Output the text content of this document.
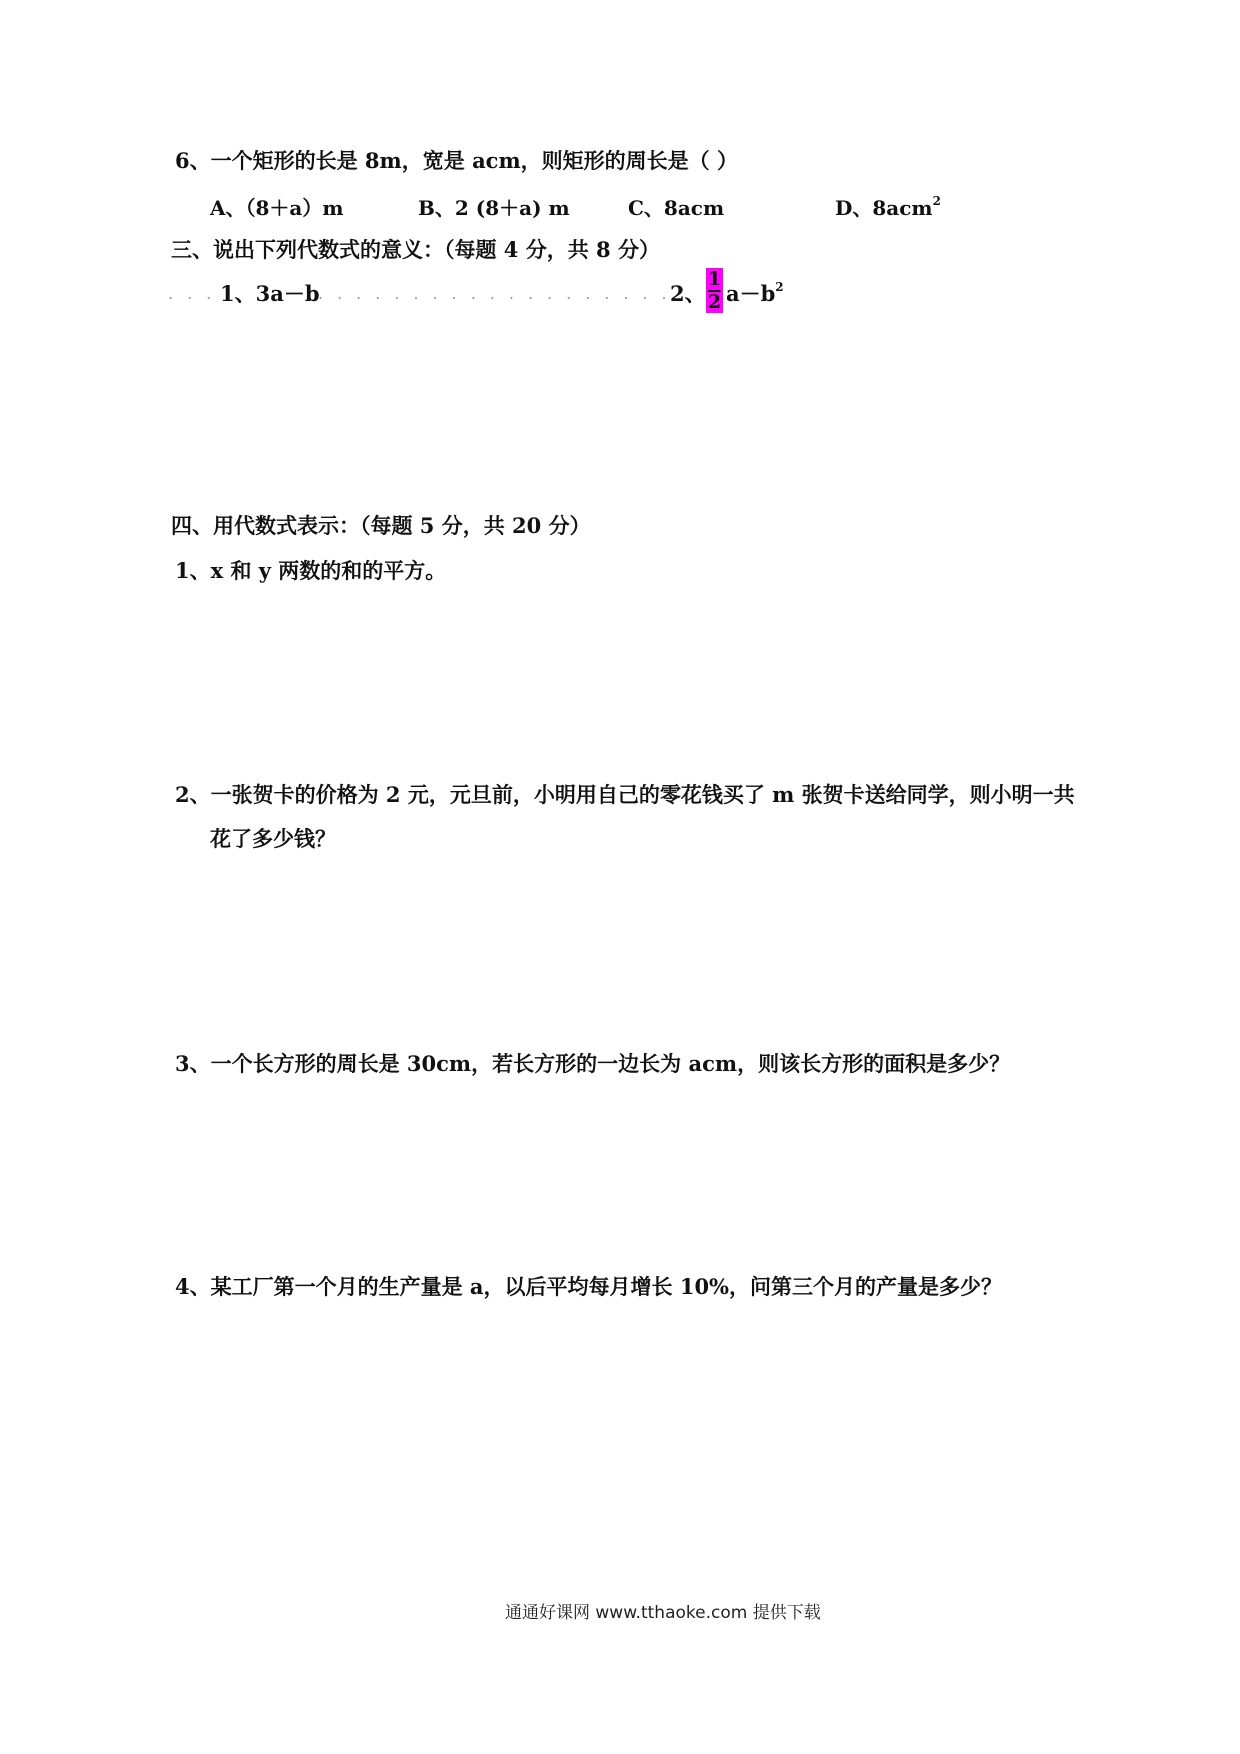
6、一个矩形的长是 8m，宽是 acm，则矩形的周长是（ ）
A、（8＋a）m	B、2 (8＋a) m	C、8acm	D、8acm$^2$
三、说出下列代数式的意义：（每题 4 分，共 8 分）
...
1、3a－b
...................
2、
1
2 $a-b^2$
四、用代数式表示：（每题 5 分，共 20 分）
1、x 和 y 两数的和的平方。
2、一张贺卡的价格为 2 元，元旦前，小明用自己的零花钱买了 m 张贺卡送给同学，则小明一共
花了多少钱？
3、一个长方形的周长是 30cm，若长方形的一边长为 acm，则该长方形的面积是多少？
4、某工厂第一个月的生产量是 a，以后平均每月增长 10%，问第三个月的产量是多少？
通通好课网 www.tthaoke.com 提供下载
